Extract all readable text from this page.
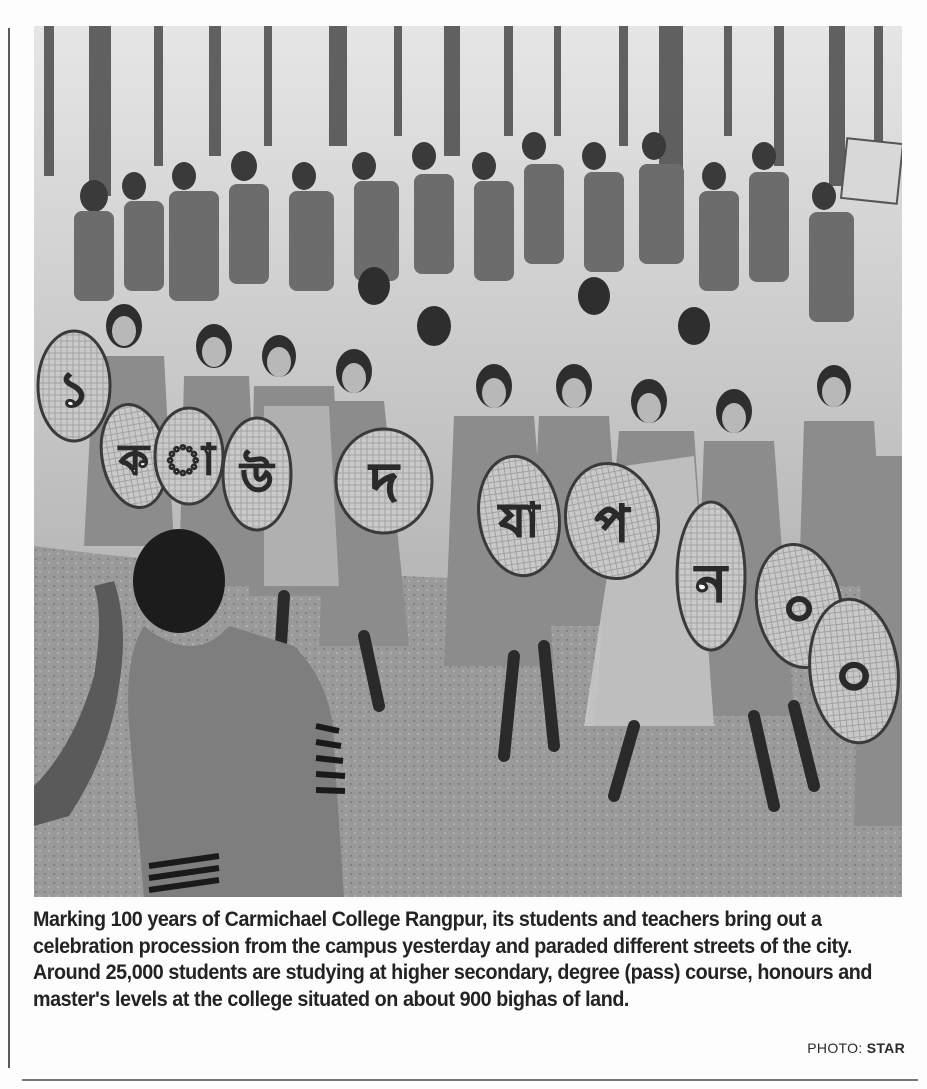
১
ক া উ দ
যা প
ন ০
০
Marking 100 years of Carmichael College Rangpur, its students and teachers bring out a celebration procession from the campus yesterday and paraded different streets of the city. Around 25,000 students are studying at higher secondary, degree (pass) course, honours and master's levels at the college situated on about 900 bighas of land.
PHOTO: STAR
